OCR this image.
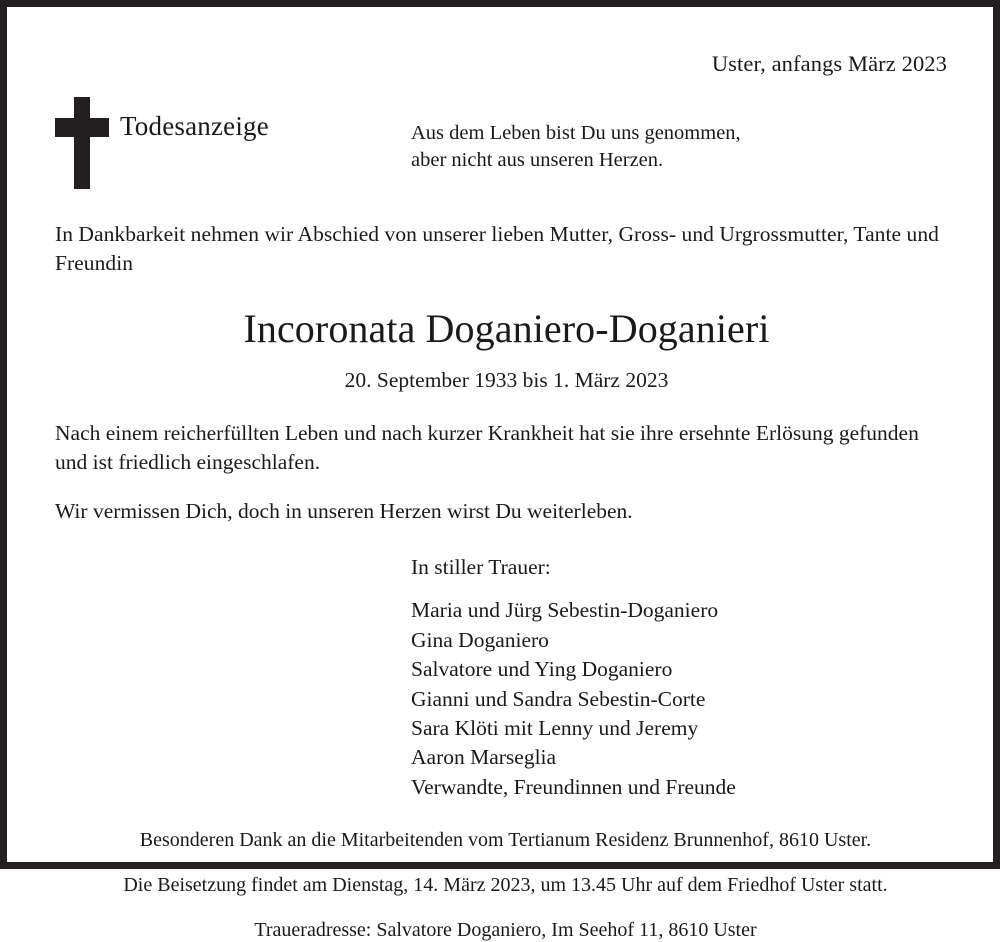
Uster, anfangs März 2023
Todesanzeige	Aus dem Leben bist Du uns genommen,
aber nicht aus unseren Herzen.
In Dankbarkeit nehmen wir Abschied von unserer lieben Mutter, Gross- und Urgrossmutter, Tante und Freundin
Incoronata Doganiero-Doganieri
20. September 1933 bis 1. März 2023

Nach einem reicherfüllten Leben und nach kurzer Krankheit hat sie ihre ersehnte Erlösung gefunden und ist friedlich eingeschlafen.

Wir vermissen Dich, doch in unseren Herzen wirst Du weiterleben.

In stiller Trauer:
Maria und Jürg Sebestin-Doganiero
Gina Doganiero
Salvatore und Ying Doganiero
Gianni und Sandra Sebestin-Corte
Sara Klöti mit Lenny und Jeremy
Aaron Marseglia
Verwandte, Freundinnen und Freunde

Besonderen Dank an die Mitarbeitenden vom Tertianum Residenz Brunnenhof, 8610 Uster.

Die Beisetzung findet am Dienstag, 14. März 2023, um 13.45 Uhr auf dem Friedhof Uster statt.

Traueradresse: Salvatore Doganiero, Im Seehof 11, 8610 Uster
